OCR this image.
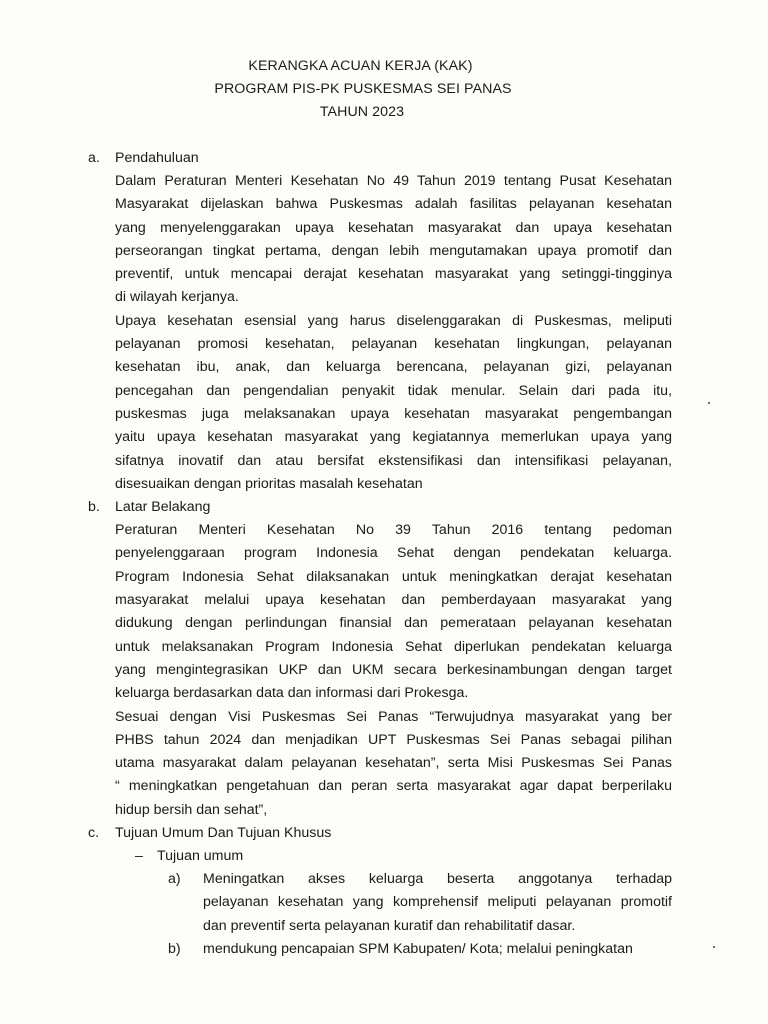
KERANGKA ACUAN KERJA (KAK)
PROGRAM PIS-PK PUSKESMAS SEI PANAS
TAHUN 2023
a. Pendahuluan
Dalam Peraturan Menteri Kesehatan No 49 Tahun 2019 tentang Pusat Kesehatan
Masyarakat dijelaskan bahwa Puskesmas adalah fasilitas pelayanan kesehatan
yang menyelenggarakan upaya kesehatan masyarakat dan upaya kesehatan
perseorangan tingkat pertama, dengan lebih mengutamakan upaya promotif dan
preventif, untuk mencapai derajat kesehatan masyarakat yang setinggi-tingginya
di wilayah kerjanya.
Upaya kesehatan esensial yang harus diselenggarakan di Puskesmas, meliputi
pelayanan promosi kesehatan, pelayanan kesehatan lingkungan, pelayanan
kesehatan ibu, anak, dan keluarga berencana, pelayanan gizi, pelayanan
pencegahan dan pengendalian penyakit tidak menular. Selain dari pada itu,
puskesmas juga melaksanakan upaya kesehatan masyarakat pengembangan
yaitu upaya kesehatan masyarakat yang kegiatannya memerlukan upaya yang
sifatnya inovatif dan atau bersifat ekstensifikasi dan intensifikasi pelayanan,
disesuaikan dengan prioritas masalah kesehatan
b. Latar Belakang
Peraturan Menteri Kesehatan No 39 Tahun 2016 tentang pedoman
penyelenggaraan program Indonesia Sehat dengan pendekatan keluarga.
Program Indonesia Sehat dilaksanakan untuk meningkatkan derajat kesehatan
masyarakat melalui upaya kesehatan dan pemberdayaan masyarakat yang
didukung dengan perlindungan finansial dan pemerataan pelayanan kesehatan
untuk melaksanakan Program Indonesia Sehat diperlukan pendekatan keluarga
yang mengintegrasikan UKP dan UKM secara berkesinambungan dengan target
keluarga berdasarkan data dan informasi dari Prokesga.
Sesuai dengan Visi Puskesmas Sei Panas “Terwujudnya masyarakat yang ber
PHBS tahun 2024 dan menjadikan UPT Puskesmas Sei Panas sebagai pilihan
utama masyarakat dalam pelayanan kesehatan”, serta Misi Puskesmas Sei Panas
“ meningkatkan pengetahuan dan peran serta masyarakat agar dapat berperilaku
hidup bersih dan sehat”,
c. Tujuan Umum Dan Tujuan Khusus
– Tujuan umum
a) Meningatkan akses keluarga beserta anggotanya terhadap
pelayanan kesehatan yang komprehensif meliputi pelayanan promotif
dan preventif serta pelayanan kuratif dan rehabilitatif dasar.
b) mendukung pencapaian SPM Kabupaten/ Kota; melalui peningkatan
